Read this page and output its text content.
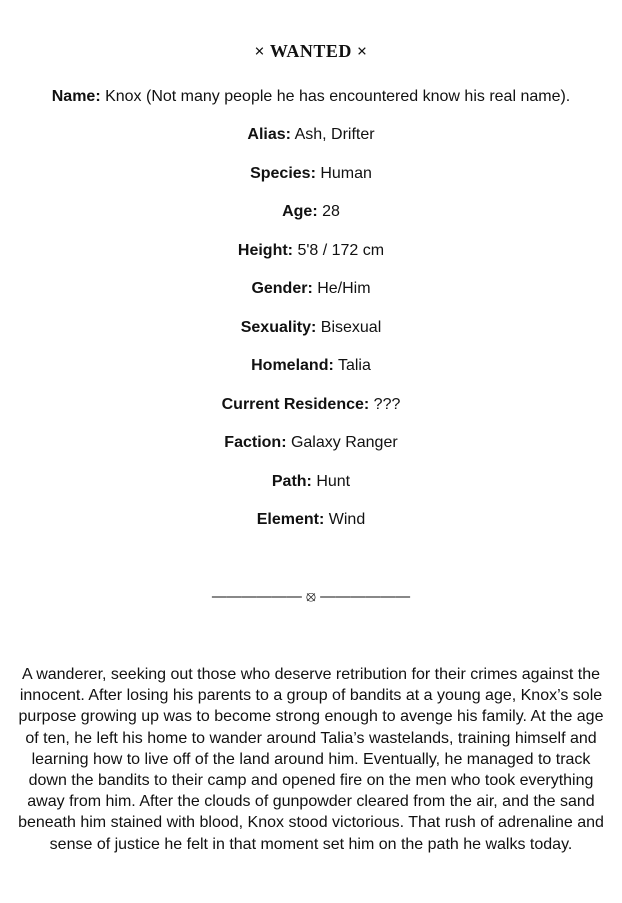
× WANTED ×
Name: Knox (Not many people he has encountered know his real name).
Alias: Ash, Drifter
Species: Human
Age: 28
Height: 5'8 / 172 cm
Gender: He/Him
Sexuality: Bisexual
Homeland: Talia
Current Residence: ???
Faction: Galaxy Ranger
Path: Hunt
Element: Wind
—————— ⦻ ——————
A wanderer, seeking out those who deserve retribution for their crimes against the innocent. After losing his parents to a group of bandits at a young age, Knox’s sole purpose growing up was to become strong enough to avenge his family. At the age of ten, he left his home to wander around Talia’s wastelands, training himself and learning how to live off of the land around him. Eventually, he managed to track down the bandits to their camp and opened fire on the men who took everything away from him. After the clouds of gunpowder cleared from the air, and the sand beneath him stained with blood, Knox stood victorious. That rush of adrenaline and sense of justice he felt in that moment set him on the path he walks today.
